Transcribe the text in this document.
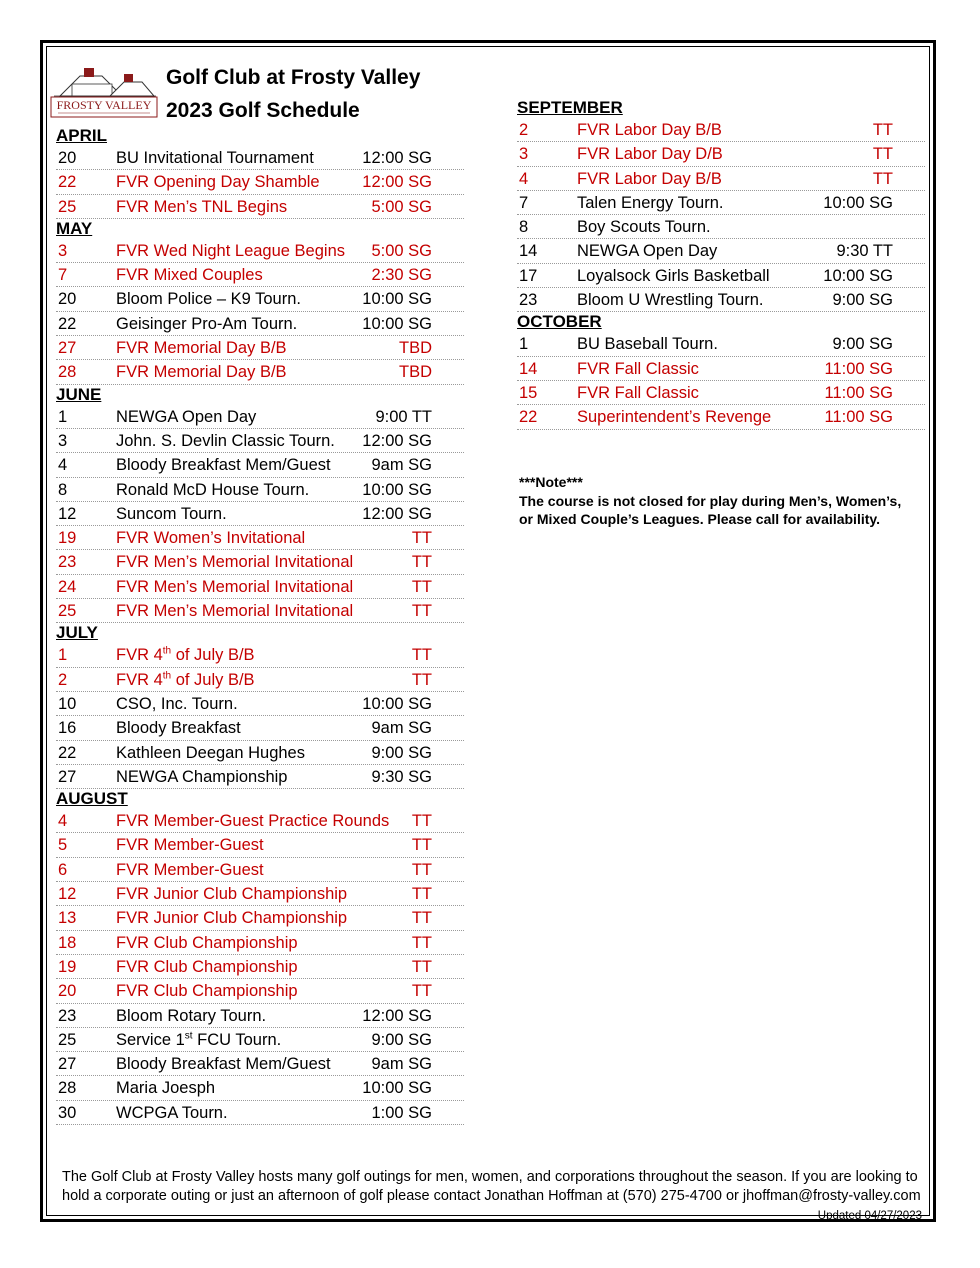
FROSTY VALLEY
Golf Club at Frosty Valley
2023 Golf Schedule
APRIL
20 BU Invitational Tournament	12:00 SG
22 FVR Opening Day Shamble	12:00 SG
25 FVR Men’s TNL Begins	5:00 SG
MAY
3	FVR Wed Night League Begins 5:00 SG
7	FVR Mixed Couples	2:30 SG
20 Bloom Police – K9 Tourn.	10:00 SG
22 Geisinger Pro-Am Tourn.	10:00 SG
27 FVR Memorial Day B/B	TBD
28 FVR Memorial Day B/B	TBD
JUNE
1	NEWGA Open Day	9:00 TT
3	John. S. Devlin Classic Tourn. 12:00 SG
4	Bloody Breakfast Mem/Guest 9am SG
8	Ronald McD House Tourn.	10:00 SG
12 Suncom Tourn.	12:00 SG
19 FVR Women’s Invitational	TT
23 FVR Men’s Memorial Invitational	TT
24 FVR Men’s Memorial Invitational	TT
25 FVR Men’s Memorial Invitational	TT
JULY
1	FVR 4th of July B/B	TT
2	FVR 4th of July B/B	TT
10 CSO, Inc. Tourn.	10:00 SG
16 Bloody Breakfast	9am SG
22 Kathleen Deegan Hughes	9:00 SG
27 NEWGA Championship	9:30 SG
AUGUST
4	FVR Member-Guest Practice Rounds TT
5	FVR Member-Guest	TT
6	FVR Member-Guest	TT
12 FVR Junior Club Championship	TT
13 FVR Junior Club Championship	TT
18 FVR Club Championship	TT
19 FVR Club Championship	TT
20 FVR Club Championship	TT
23 Bloom Rotary Tourn.	12:00 SG
25 Service 1st FCU Tourn.	9:00 SG
27 Bloody Breakfast Mem/Guest 9am SG
28 Maria Joesph	10:00 SG
30 WCPGA Tourn.	1:00 SG
SEPTEMBER
2	FVR Labor Day B/B	TT
3	FVR Labor Day D/B	TT
4	FVR Labor Day B/B	TT
7	Talen Energy Tourn.	10:00 SG
8	Boy Scouts Tourn.
14 NEWGA Open Day	9:30 TT
17 Loyalsock Girls Basketball	10:00 SG
23 Bloom U Wrestling Tourn.	9:00 SG
OCTOBER
1	BU Baseball Tourn.	9:00 SG
14 FVR Fall Classic	11:00 SG
15 FVR Fall Classic	11:00 SG
22 Superintendent’s Revenge	11:00 SG
***Note***
The course is not closed for play during Men’s, Women’s, or Mixed Couple’s Leagues. Please call for availability.
The Golf Club at Frosty Valley hosts many golf outings for men, women, and corporations throughout the season. If you are looking to hold a corporate outing or just an afternoon of golf please contact Jonathan Hoffman at (570) 275-4700 or jhoffman@frosty-valley.com
Updated 04/27/2023
